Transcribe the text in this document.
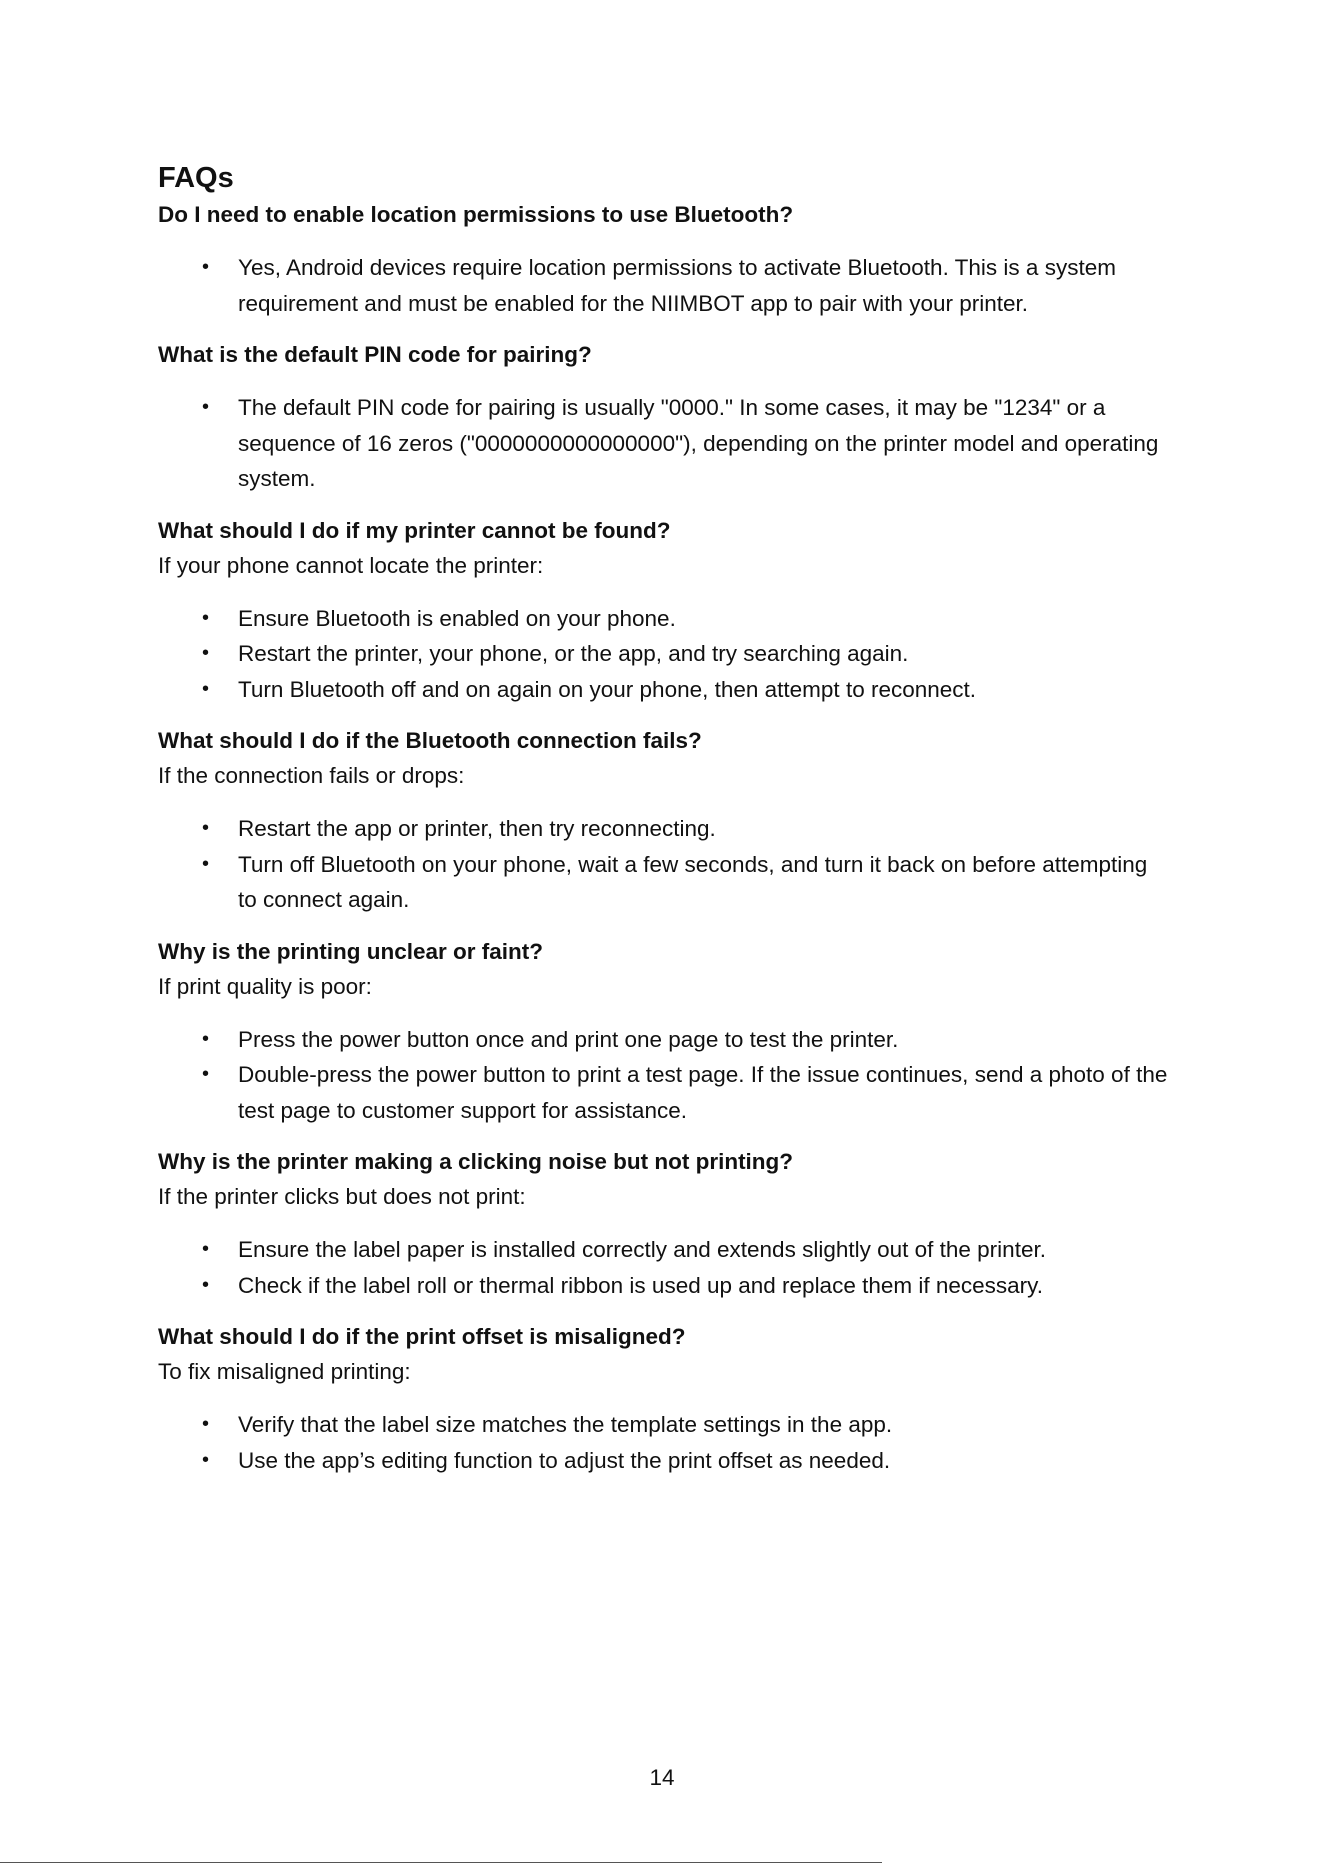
FAQs

Do I need to enable location permissions to use Bluetooth?

• Yes, Android devices require location permissions to activate Bluetooth. This is a system requirement and must be enabled for the NIIMBOT app to pair with your printer.

What is the default PIN code for pairing?

• The default PIN code for pairing is usually "0000." In some cases, it may be "1234" or a sequence of 16 zeros ("0000000000000000"), depending on the printer model and operating system.

What should I do if my printer cannot be found?

If your phone cannot locate the printer:

• Ensure Bluetooth is enabled on your phone.
• Restart the printer, your phone, or the app, and try searching again.
• Turn Bluetooth off and on again on your phone, then attempt to reconnect.

What should I do if the Bluetooth connection fails?

If the connection fails or drops:

• Restart the app or printer, then try reconnecting.
• Turn off Bluetooth on your phone, wait a few seconds, and turn it back on before attempting to connect again.

Why is the printing unclear or faint?

If print quality is poor:

• Press the power button once and print one page to test the printer.
• Double-press the power button to print a test page. If the issue continues, send a photo of the test page to customer support for assistance.

Why is the printer making a clicking noise but not printing?

If the printer clicks but does not print:

• Ensure the label paper is installed correctly and extends slightly out of the printer.
• Check if the label roll or thermal ribbon is used up and replace them if necessary.

What should I do if the print offset is misaligned?

To fix misaligned printing:

• Verify that the label size matches the template settings in the app.
• Use the app’s editing function to adjust the print offset as needed.
14
